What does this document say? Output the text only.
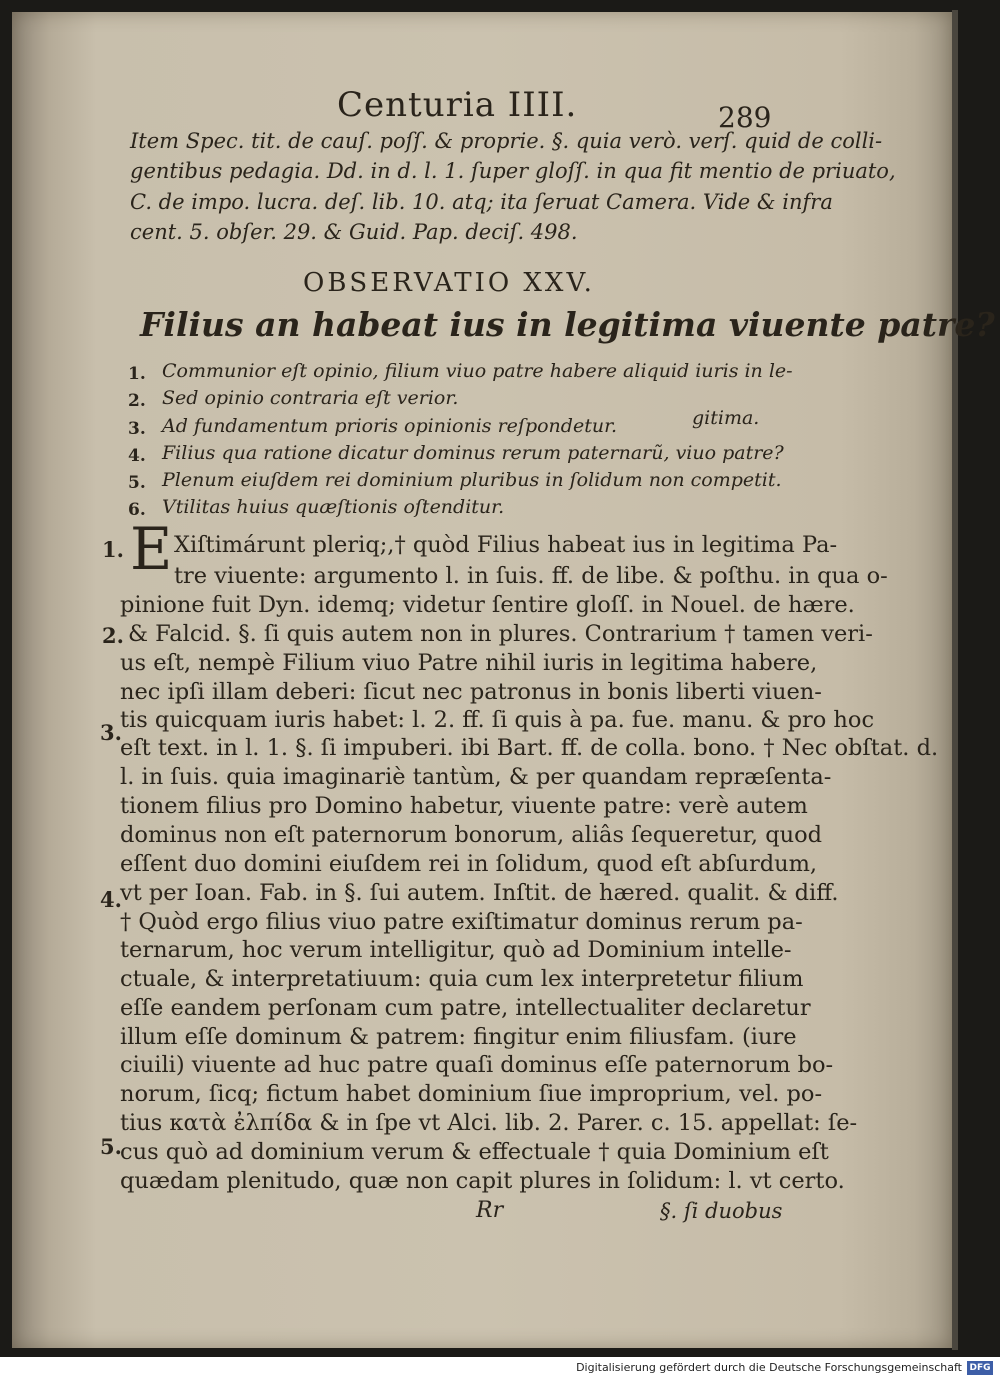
Centuria IIII.	289
Item Spec. tit. de cauſ. poſſ. & proprie. §. quia verò. verſ. quid de colli-
gentibus pedagia. Dd. in d. l. 1. ſuper gloſſ. in qua fit mentio de priuato,
C. de impo. lucra. deſ. lib. 10. atq; ita ſeruat Camera. Vide & infra
cent. 5. obſer. 29. & Guid. Pap. deciſ. 498.
OBSERVATIO XXV.
Filius an habeat ius in legitima viuente patre?
1. Communior eſt opinio, filium viuo patre habere aliquid iuris in le-
2. Sed opinio contraria eſt verior.
gitima.
3. Ad fundamentum prioris opinionis reſpondetur.
4. Filius qua ratione dicatur dominus rerum paternarũ, viuo patre?
5. Plenum eiuſdem rei dominium pluribus in ſolidum non competit.
6. Vtilitas huius quæſtionis oſtenditur.
1. E Xiſtimárunt pleriq;,† quòd Filius habeat ius in legitima Pa-
tre viuente: argumento l. in ſuis. ff. de libe. & poſthu. in qua o-
pinione fuit Dyn. idemq; videtur ſentire gloſſ. in Nouel. de hære.
2. & Falcid. §. ſi quis autem non in plures. Contrarium † tamen veri-
us eſt, nempè Filium viuo Patre nihil iuris in legitima habere,
nec ipſi illam deberi: ſicut nec patronus in bonis liberti viuen-
tis quicquam iuris habet: l. 2. ff. ſi quis à pa. fue. manu. & pro hoc
3.
eſt text. in l. 1. §. ſi impuberi. ibi Bart. ff. de colla. bono. † Nec obſtat. d.
l. in ſuis. quia imaginariè tantùm, & per quandam repræſenta-
tionem filius pro Domino habetur, viuente patre: verè autem
dominus non eſt paternorum bonorum, aliâs ſequeretur, quod
eſſent duo domini eiuſdem rei in ſolidum, quod eſt abſurdum,
vt per Ioan. Fab. in §. ſui autem. Inſtit. de hæred. qualit. & diff.
4.
† Quòd ergo filius viuo patre exiſtimatur dominus rerum pa-
ternarum, hoc verum intelligitur, quò ad Dominium intelle-
ctuale, & interpretatiuum: quia cum lex interpretetur filium
eſſe eandem perſonam cum patre, intellectualiter declaretur
illum eſſe dominum & patrem: fingitur enim filiusfam. (iure
ciuili) viuente ad huc patre quaſi dominus eſſe paternorum bo-
norum, ſicq; fictum habet dominium ſiue improprium, vel. po-
tius κατὰ ἐλπίδα & in ſpe vt Alci. lib. 2. Parer. c. 15. appellat: ſe-
5.
cus quò ad dominium verum & effectuale † quia Dominium eſt
quædam plenitudo, quæ non capit plures in ſolidum: l. vt certo.
Rr	§. ſi duobus
Digitalisierung gefördert durch die Deutsche Forschungsgemeinschaft DFG
